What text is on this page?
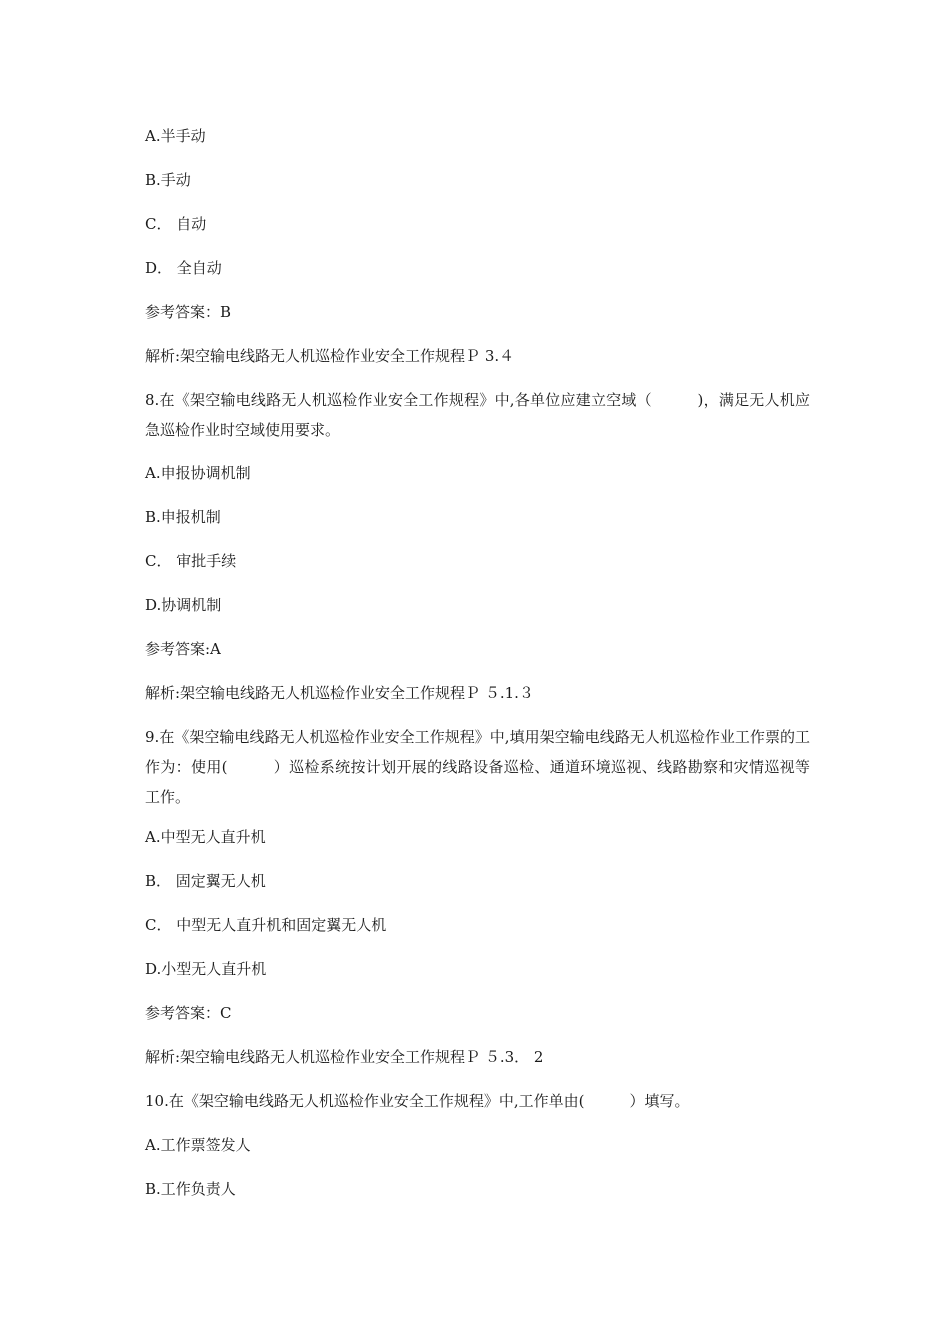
A.半手动
B.手动
C． 自动
D． 全自动
参考答案：B
解析:架空输电线路无人机巡检作业安全工作规程Ｐ 3.４
8.在《架空输电线路无人机巡检作业安全工作规程》中,各单位应建立空域（　　　)，满足无人机应急巡检作业时空域使用要求。
A.申报协调机制
B.申报机制
C． 审批手续
D.协调机制
参考答案:A
解析:架空输电线路无人机巡检作业安全工作规程Ｐ ５.1.３
9.在《架空输电线路无人机巡检作业安全工作规程》中,填用架空输电线路无人机巡检作业工作票的工作为：使用(　　　）巡检系统按计划开展的线路设备巡检、通道环境巡视、线路勘察和灾情巡视等工作。
A.中型无人直升机
B． 固定翼无人机
C． 中型无人直升机和固定翼无人机
D.小型无人直升机
参考答案：C
解析:架空输电线路无人机巡检作业安全工作规程Ｐ ５.3． 2
10.在《架空输电线路无人机巡检作业安全工作规程》中,工作单由(　　　）填写。
A.工作票签发人
B.工作负责人
